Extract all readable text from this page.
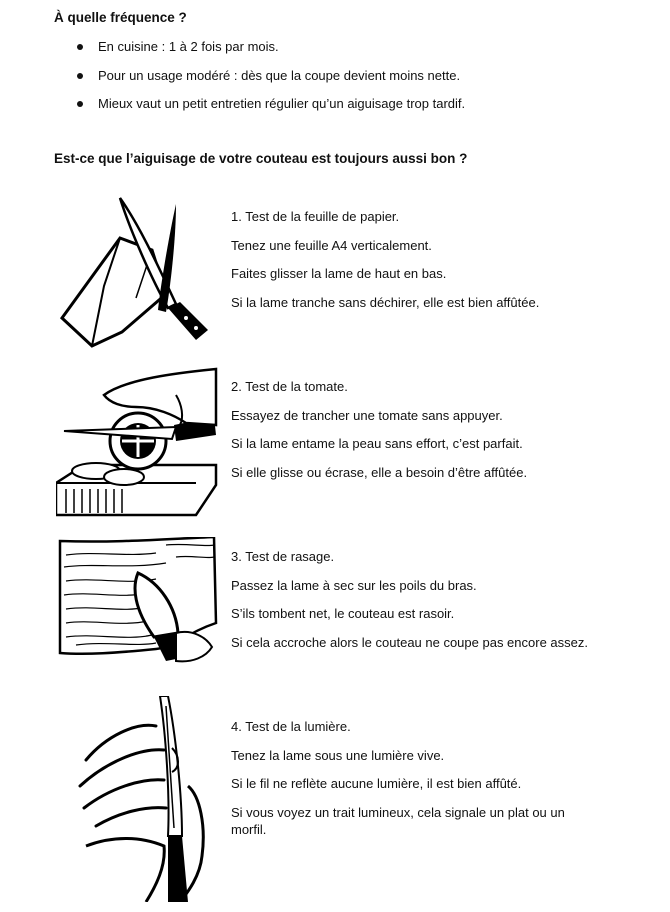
À quelle fréquence ?
En cuisine : 1 à 2 fois par mois.
Pour un usage modéré : dès que la coupe devient moins nette.
Mieux vaut un petit entretien régulier qu’un aiguisage trop tardif.
Est-ce que l’aiguisage de votre couteau est toujours aussi bon ?

1. Test de la feuille de papier.

Tenez une feuille A4 verticalement.

Faites glisser la lame de haut en bas.

Si la lame tranche sans déchirer, elle est bien affûtée.

2. Test de la tomate.

Essayez de trancher une tomate sans appuyer.

Si la lame entame la peau sans effort, c’est parfait.

Si elle glisse ou écrase, elle a besoin d’être affûtée.

3. Test de rasage.

Passez la lame à sec sur les poils du bras.

S’ils tombent net, le couteau est rasoir.

Si cela accroche alors le couteau ne coupe pas encore assez.

4. Test de la lumière.

Tenez la lame sous une lumière vive.

Si le fil ne reflète aucune lumière, il est bien affûté.

Si vous voyez un trait lumineux, cela signale un plat ou un morfil.
